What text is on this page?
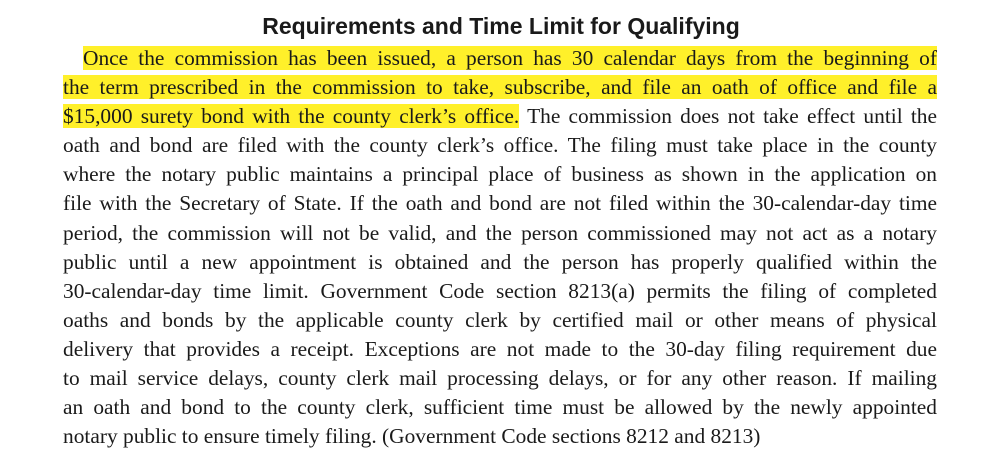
Requirements and Time Limit for Qualifying

Once the commission has been issued, a person has 30 calendar days from the beginning of
the term prescribed in the commission to take, subscribe, and file an oath of office and file a
$15,000 surety bond with the county clerk’s office. The commission does not take effect until the
oath and bond are filed with the county clerk’s office. The filing must take place in the county
where the notary public maintains a principal place of business as shown in the application on
file with the Secretary of State. If the oath and bond are not filed within the 30-calendar-day time
period, the commission will not be valid, and the person commissioned may not act as a notary
public until a new appointment is obtained and the person has properly qualified within the
30-calendar-day time limit. Government Code section 8213(a) permits the filing of completed
oaths and bonds by the applicable county clerk by certified mail or other means of physical
delivery that provides a receipt. Exceptions are not made to the 30-day filing requirement due
to mail service delays, county clerk mail processing delays, or for any other reason. If mailing
an oath and bond to the county clerk, sufficient time must be allowed by the newly appointed
notary public to ensure timely filing. (Government Code sections 8212 and 8213)
